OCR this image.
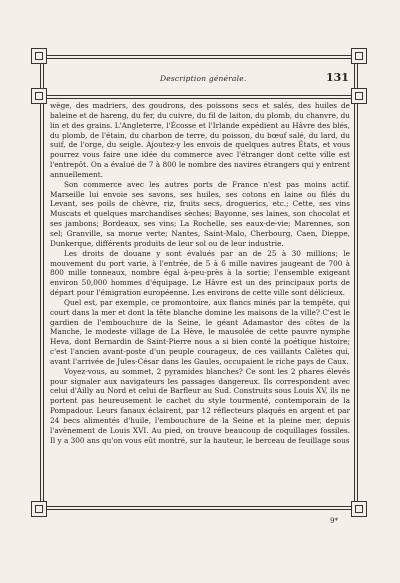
Description générale.	131

wège, des madriers, des goudrons, des poissons secs et salés, des huiles de baleine et de hareng, du fer, du cuivre, du fil de laiton, du plomb, du chanvre, du lin et des grains. L'Angleterre, l'Écosse et l'Irlande expédient au Hâvre des blés, du plomb, de l'étain, du charbon de terre, du poisson, du bœuf salé, du lard, du suif, de l'orge, du seigle. Ajoutez-y les envois de quelques autres États, et vous pourrez vous faire une idée du commerce avec l'étranger dont cette ville est l'entrepôt. On a évalué de 7 à 800 le nombre des navires étrangers qui y entrent annuellement.

Son commerce avec les autres ports de France n'est pas moins actif. Marseille lui envoie ses savons, ses huiles, ses cotons en laine ou filés du Levant, ses poils de chèvre, riz, fruits secs, droguerics, etc.; Cette, ses vins Muscats et quelques marchandises sèches; Bayonne, ses laines, son chocolat et ses jambons; Bordeaux, ses vins; La Rochelle, ses eaux-de-vie; Marennes, son sel; Granville, sa morue verte; Nantes, Saint-Malo, Cherbourg, Caen, Dieppe, Dunkerque, différents produits de leur sol ou de leur industrie.

Les droits de douane y sont évalués par an de 25 à 30 millions; le mouvement du port varie, à l'entrée, de 5 à 6 mille navires jaugeant de 700 à 800 mille tonneaux, nombre égal à-peu-près à la sortie; l'ensemble exigeant environ 50,000 hommes d'équipage. Le Hâvre est un des principaux ports de départ pour l'émigration européenne. Les environs de cette ville sont délicieux.

Quel est, par exemple, ce promontoire, aux flancs minés par la tempête, qui court dans la mer et dont la tête blanche domine les maisons de la ville? C'est le gardien de l'embouchure de la Seine, le géant Adamastor des côtes de la Manche, le modeste village de La Hève, le mausolée de cette pauvre nymphe Heva, dont Bernardin de Saint-Pierre nous a si bien conté la poétique histoire; c'est l'ancien avant-poste d'un peuple courageux, de ces vaillants Calètes qui, avant l'arrivée de Jules-César dans les Gaules, occupaient le riche pays de Caux.

Voyez-vous, au sommet, 2 pyramides blanches? Ce sont les 2 phares élevés pour signaler aux navigateurs les passages dangereux. Ils correspondent avec celui d'Ailly au Nord et celui de Barfleur au Sud. Construits sous Louis XV, ils ne portent pas heureusement le cachet du style tourmenté, contemporain de la Pompadour. Leurs fanaux éclairent, par 12 réflecteurs plaqués en argent et par 24 becs alimentés d'huile, l'embouchure de la Seine et la pleine mer, depuis l'avènement de Louis XVI. Au pied, on trouve beaucoup de coquillages fossiles. Il y a 300 ans qu'on vous eût montré, sur la hauteur, le berceau de feuillage sous

9*
